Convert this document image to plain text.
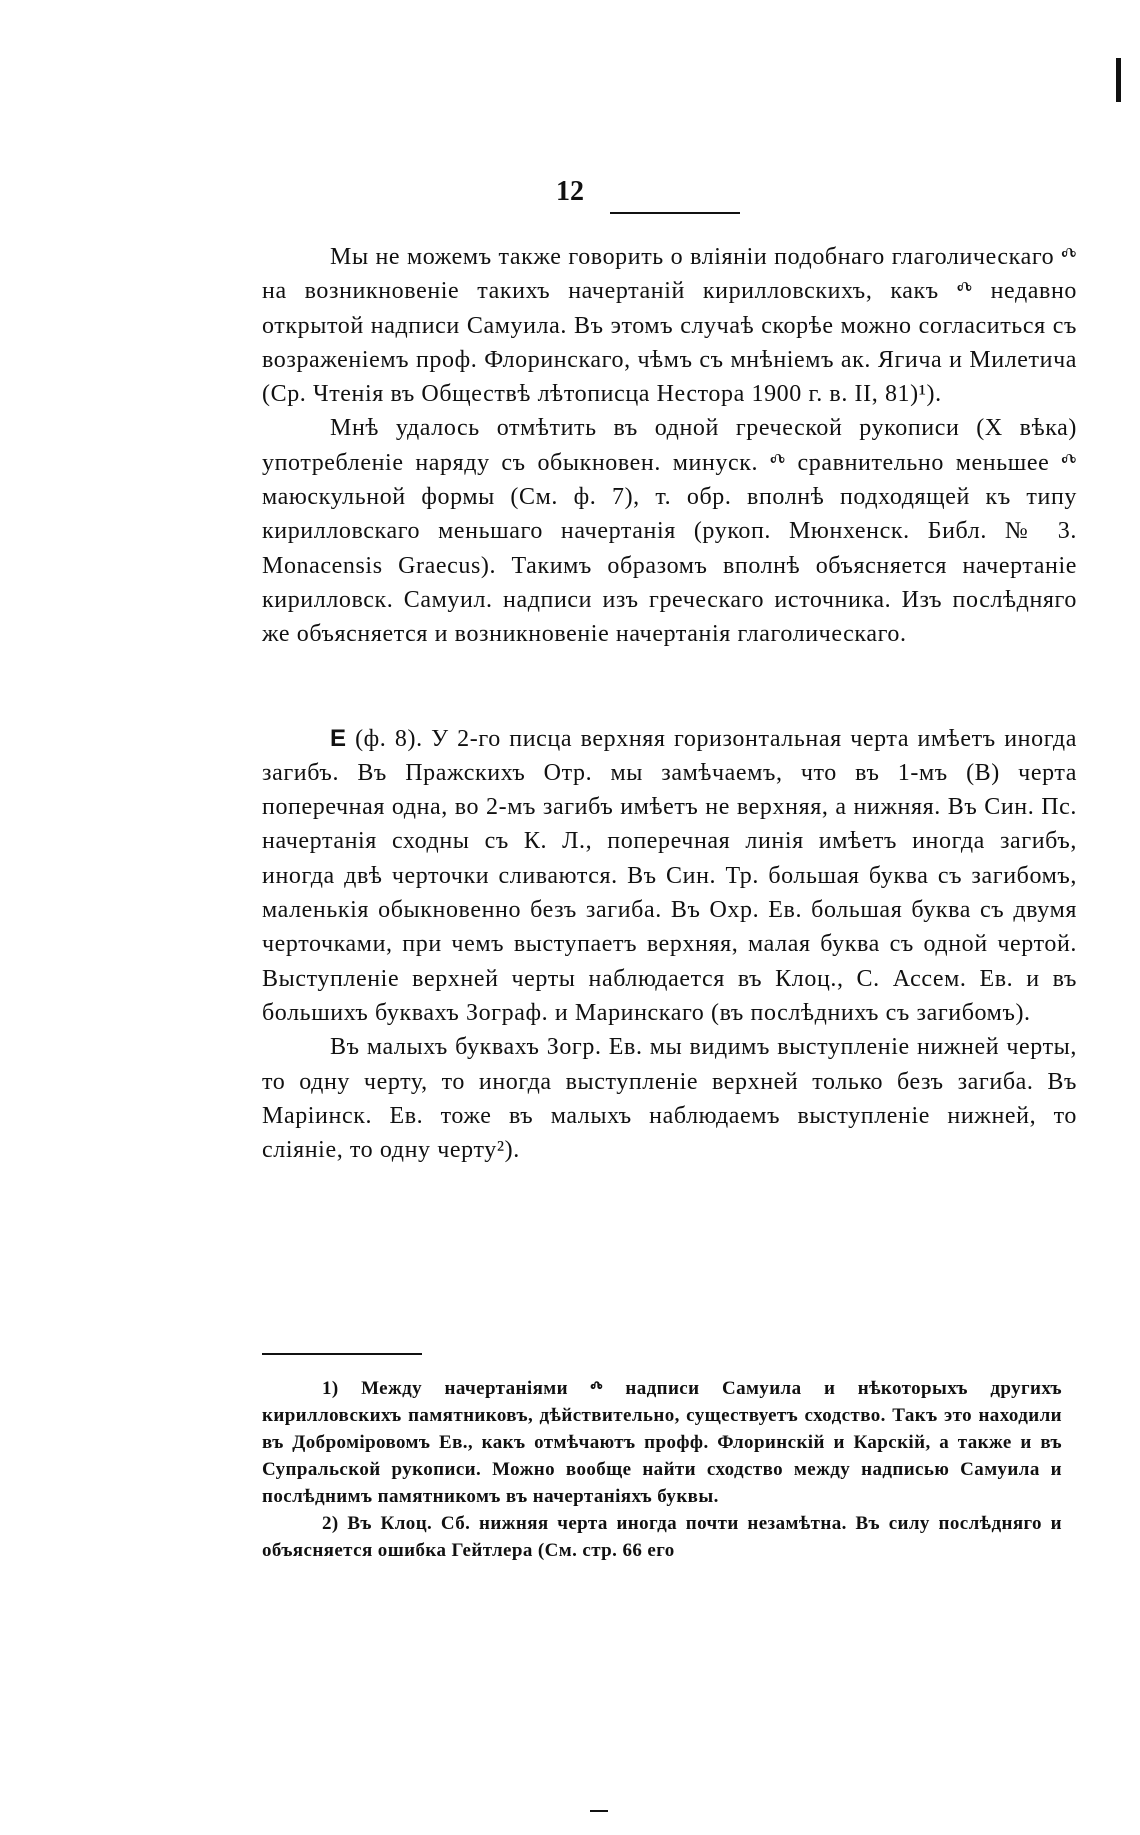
12

Мы не можемъ также говорить о вліяніи подобнаго глаголическаго ⰴ на возникновеніе такихъ начертаній кирилловскихъ, какъ ⰴ недавно открытой надписи Самуила. Въ этомъ случаѣ скорѣе можно согласиться съ возраженіемъ проф. Флоринскаго, чѣмъ съ мнѣніемъ ак. Ягича и Милетича (Ср. Чтенія въ Обществѣ лѣтописца Нестора 1900 г. в. II, 81)¹).

Мнѣ удалось отмѣтить въ одной греческой рукописи (X вѣка) употребленіе наряду съ обыкновен. минуск. ⰴ сравнительно меньшее ⰴ маюскульной формы (См. ф. 7), т. обр. вполнѣ подходящей къ типу кирилловскаго меньшаго начертанія (рукоп. Мюнхенск. Библ. № 3. Monacensis Graecus). Такимъ образомъ вполнѣ объясняется начертаніе кирилловск. Самуил. надписи изъ греческаго источника. Изъ послѣдняго же объясняется и возникновеніе начертанія глаголическаго.

Е (ф. 8). У 2-го писца верхняя горизонтальная черта имѣетъ иногда загибъ. Въ Пражскихъ Отр. мы замѣчаемъ, что въ 1-мъ (В) черта поперечная одна, во 2-мъ загибъ имѣетъ не верхняя, а нижняя. Въ Син. Пс. начертанія сходны съ К. Л., поперечная линія имѣетъ иногда загибъ, иногда двѣ черточки сливаются. Въ Син. Тр. большая буква съ загибомъ, маленькія обыкновенно безъ загиба. Въ Охр. Ев. большая буква съ двумя черточками, при чемъ выступаетъ верхняя, малая буква съ одной чертой. Выступленіе верхней черты наблюдается въ Клоц., С. Ассем. Ев. и въ большихъ буквахъ Зограф. и Маринскаго (въ послѣднихъ съ загибомъ).

Въ малыхъ буквахъ Зогр. Ев. мы видимъ выступленіе нижней черты, то одну черту, то иногда выступленіе верхней только безъ загиба. Въ Маріинск. Ев. тоже въ малыхъ наблюдаемъ выступленіе нижней, то сліяніе, то одну черту²).

1) Между начертаніями ⰴ надписи Самуила и нѣкоторыхъ другихъ кирилловскихъ памятниковъ, дѣйствительно, существуетъ сходство. Такъ это находили въ Доброміровомъ Ев., какъ отмѣчаютъ профф. Флоринскій и Карскій, а также и въ Супральской рукописи. Можно вообще найти сходство между надписью Самуила и послѣднимъ памятникомъ въ начертаніяхъ буквы.

2) Въ Клоц. Сб. нижняя черта иногда почти незамѣтна. Въ силу послѣдняго и объясняется ошибка Гейтлера (См. стр. 66 его
